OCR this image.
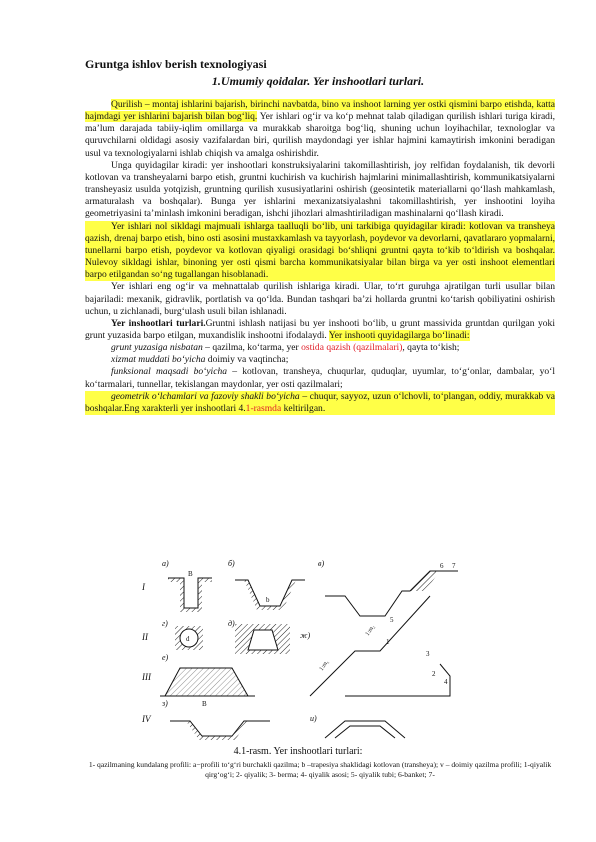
Gruntga ishlov berish texnologiyasi
1.Umumiy qoidalar. Yer inshootlari turlari.

Qurilish – montaj ishlarini bajarish, birinchi navbatda, bino va inshoot larning yer ostki qismini barpo etishda, katta hajmdagi yer ishlarini bajarish bilan bog‘liq. Yer ishlari og‘ir va ko‘p mehnat talab qiladigan qurilish ishlari turiga kiradi, ma’lum darajada tabiiy-iqlim omillarga va murakkab sharoitga bog‘liq, shuning uchun loyihachilar, texnologlar va quruvchilarni oldidagi asosiy vazifalardan biri, qurilish maydondagi yer ishlar hajmini kamaytirish imkonini beradigan usul va texnologiyalarni ishlab chiqish va amalga oshirishdir.

Unga quyidagilar kiradi: yer inshootlari konstruksiyalarini takomillashtirish, joy relfidan foydalanish, tik devorli kotlovan va transheyalarni barpo etish, gruntni kuchirish va kuchirish hajmlarini minimallashtirish, kommunikatsiyalarni transheyasiz usulda yotqizish, gruntning qurilish xususiyatlarini oshirish (geosintetik materiallarni qo‘llash mahkamlash, armaturalash va boshqalar). Bunga yer ishlarini mexanizatsiyalashni takomillashtirish, yer inshootini loyiha geometriyasini ta’minlash imkonini beradigan, ishchi jihozlari almashtiriladigan mashinalarni qo‘llash kiradi.

Yer ishlari nol sikldagi majmuali ishlarga taalluqli bo‘lib, uni tarkibiga quyidagilar kiradi: kotlovan va transheya qazish, drenaj barpo etish, bino osti asosini mustaxkamlash va tayyorlash, poydevor va devorlarni, qavatlararo yopmalarni, tunellarni barpo etish, poydevor va kotlovan qiyaligi orasidagi bo‘shliqni gruntni qayta to‘kib to‘ldirish va boshqalar. Nulevoy sikldagi ishlar, binoning yer osti qismi barcha kommunikatsiyalar bilan birga va yer osti inshoot elementlari barpo etilgandan so‘ng tugallangan hisoblanadi.

Yer ishlari eng og‘ir va mehnattalab qurilish ishlariga kiradi. Ular, to‘rt guruhga ajratilgan turli usullar bilan bajariladi: mexanik, gidravlik, portlatish va qo‘lda. Bundan tashqari ba’zi hollarda gruntni ko‘tarish qobiliyatini oshirish uchun, u zichlanadi, burg‘ulash usuli bilan ishlanadi.

Yer inshootlari turlari.Gruntni ishlash natijasi bu yer inshooti bo‘lib, u grunt massivida gruntdan qurilgan yoki grunt yuzasida barpo etilgan, muxandislik inshootni ifodalaydi. Yer inshooti quyidagilarga bo‘linadi:

grunt yuzasiga nisbatan – qazilma, ko‘tarma, yer ostida qazish (qazilmalari), qayta to‘kish;

xizmat muddati bo‘yicha doimiy va vaqtincha;

funksional maqsadi bo‘yicha – kotlovan, transheya, chuqurlar, quduqlar, uyumlar, to‘g‘onlar, dambalar, yo‘l ko‘tarmalari, tunnellar, tekislangan maydonlar, yer osti qazilmalari;

geometrik o‘lchamlari va fazoviy shakli bo‘yicha – chuqur, sayyoz, uzun o‘lchovli, to‘plangan, oddiy, murakkab va boshqalar.Eng xarakterli yer inshootlari 4.1-rasmda keltirilgan.

I
II
III
IV
a)
B
б)
b
в)	6 7
г)
d
д)
е)
B
ж)
1:m₁
1:m₂
1
2
3
4
5
з)
и)
4.1-rasm. Yer inshootlari turlari:
1- qazilmaning kundalang profili: a−profili to‘g‘ri burchakli qazilma; b –trapesiya shaklidagi kotlovan (transheya); v – doimiy qazilma profili; 1-qiyalik qirg‘og‘i; 2- qiyalik; 3- berma; 4- qiyalik asosi; 5- qiyalik tubi; 6-banket; 7-
